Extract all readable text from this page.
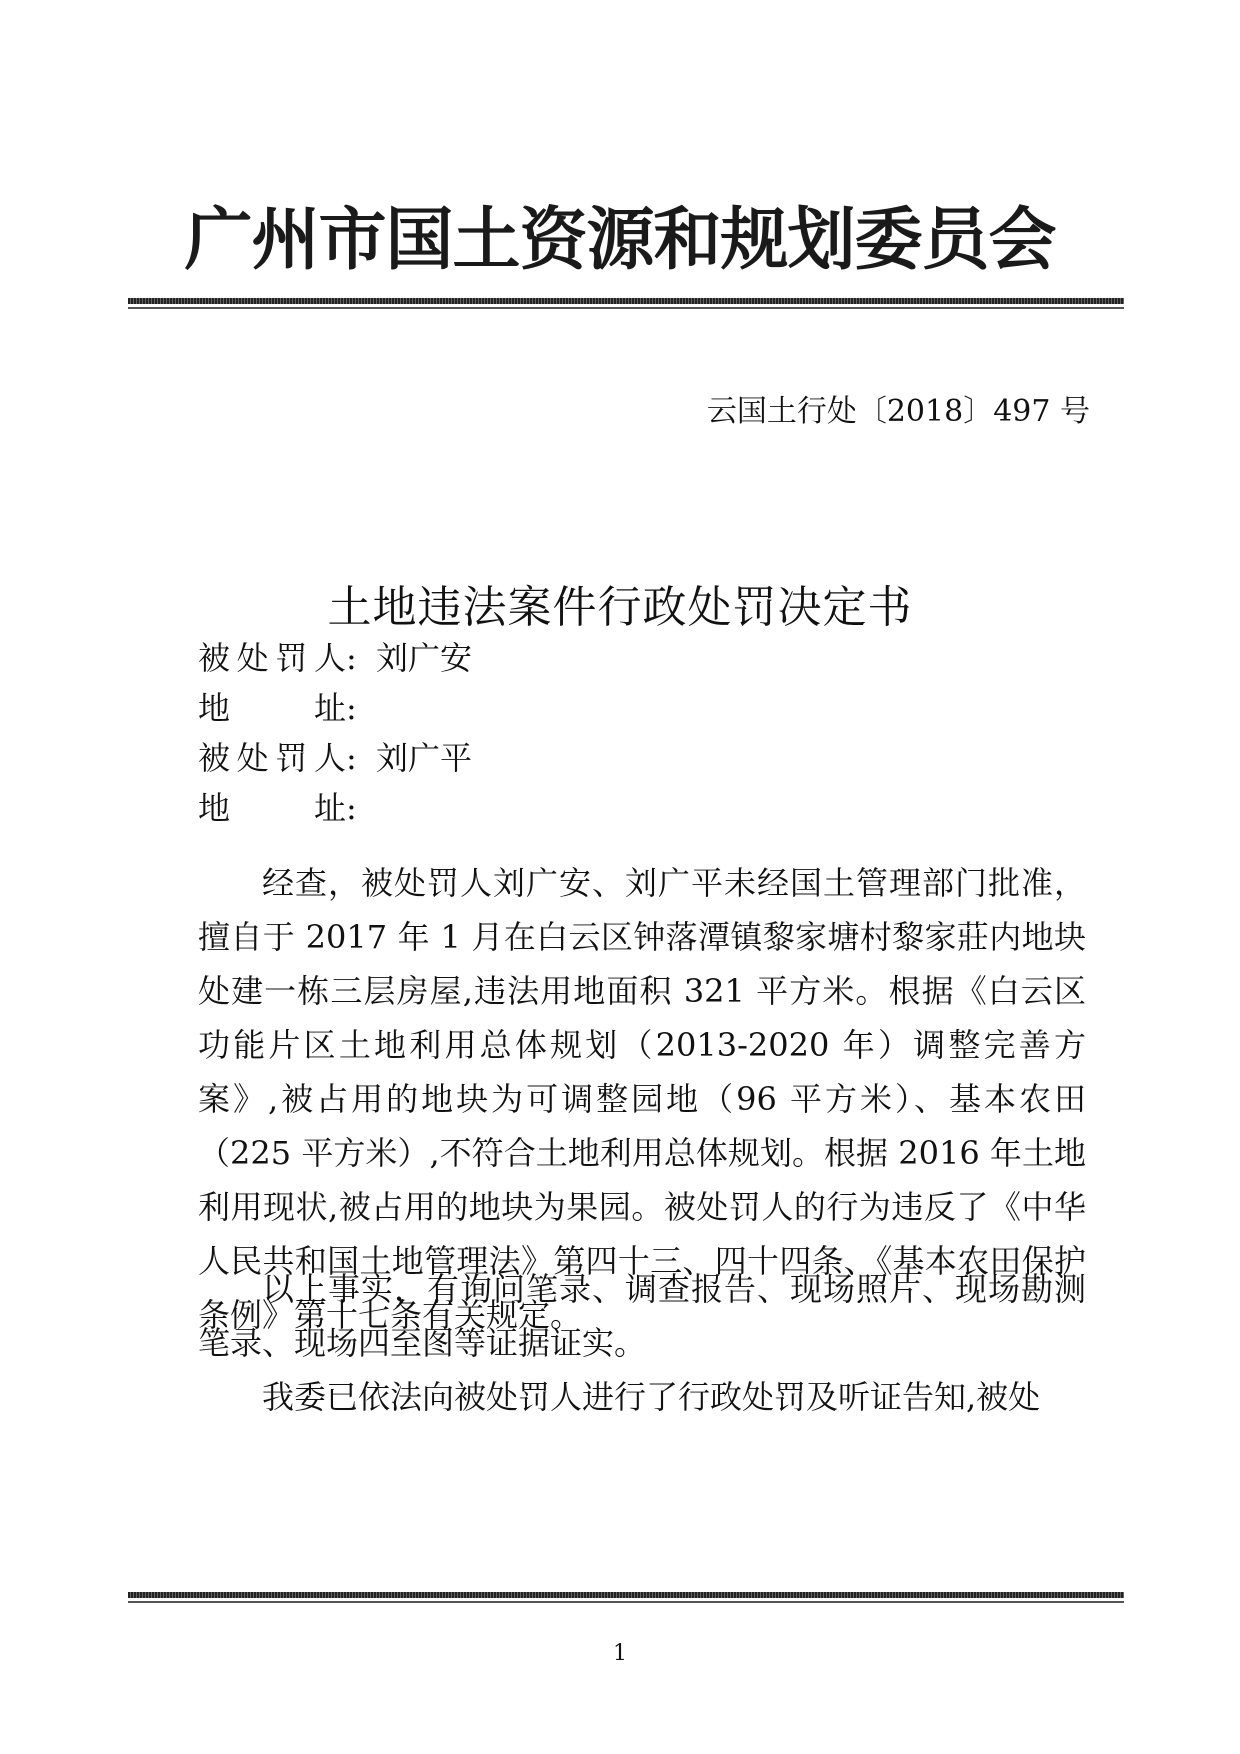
广州市国土资源和规划委员会
云国土行处〔2018〕497 号
土地违法案件行政处罚决定书
被处罚人: 刘广安
地址:
被处罚人: 刘广平
地址:

经查，被处罚人刘广安、刘广平未经国土管理部门批准，擅自于 2017 年 1 月在白云区钟落潭镇黎家塘村黎家莊内地块处建一栋三层房屋,违法用地面积 321 平方米。根据《白云区功能片区土地利用总体规划（2013-2020 年）调整完善方案》,被占用的地块为可调整园地（96 平方米）、基本农田（225 平方米）,不符合土地利用总体规划。根据 2016 年土地利用现状,被占用的地块为果园。被处罚人的行为违反了《中华人民共和国土地管理法》第四十三、四十四条、《基本农田保护条例》第十七条有关规定。

以上事实，有询问笔录、调查报告、现场照片、现场勘测笔录、现场四至图等证据证实。

我委已依法向被处罚人进行了行政处罚及听证告知,被处

1
